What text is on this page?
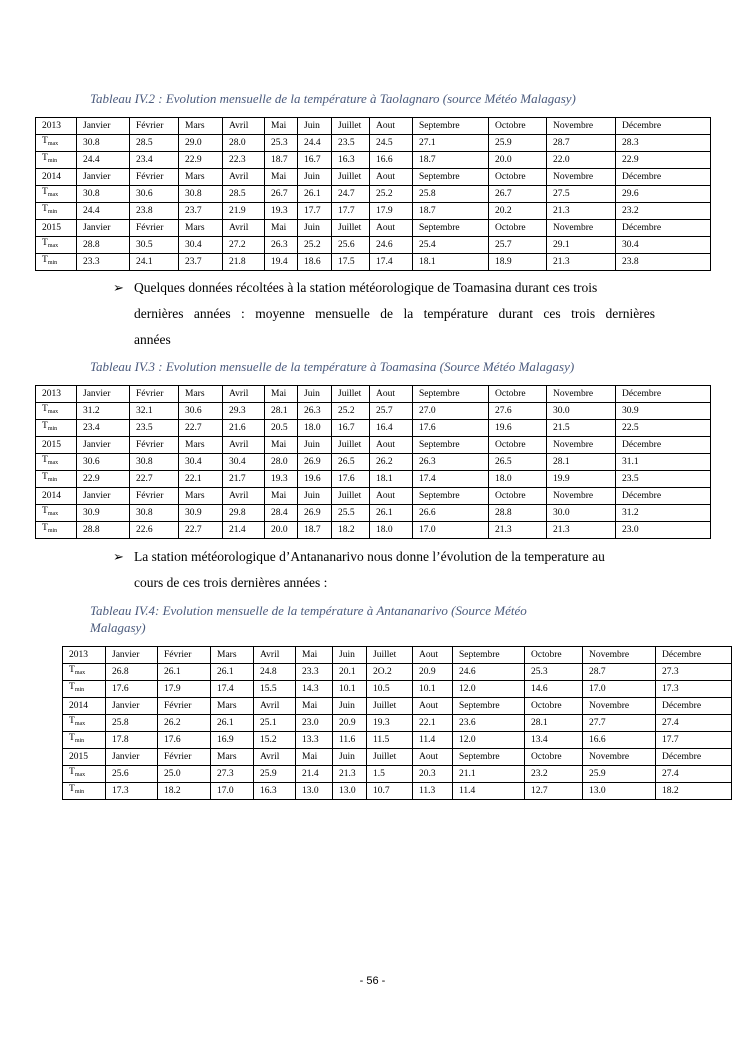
Tableau IV.2 : Evolution mensuelle de la température à Taolagnaro (source Météo Malagasy)
2013	Janvier	Février	Mars	Avril	Mai	Juin	Juillet	Aout	Septembre	Octobre	Novembre	Décembre
$T_{max}$	30.8	28.5	29.0	28.0	25.3	24.4	23.5	24.5	27.1	25.9	28.7	28.3
$T_{min}$	24.4	23.4	22.9	22.3	18.7	16.7	16.3	16.6	18.7	20.0	22.0	22.9
2014	Janvier	Février	Mars	Avril	Mai	Juin	Juillet	Aout	Septembre	Octobre	Novembre	Décembre
$T_{max}$	30.8	30.6	30.8	28.5	26.7	26.1	24.7	25.2	25.8	26.7	27.5	29.6
$T_{min}$	24.4	23.8	23.7	21.9	19.3	17.7	17.7	17.9	18.7	20.2	21.3	23.2
2015	Janvier	Février	Mars	Avril	Mai	Juin	Juillet	Aout	Septembre	Octobre	Novembre	Décembre
$T_{max}$	28.8	30.5	30.4	27.2	26.3	25.2	25.6	24.6	25.4	25.7	29.1	30.4
$T_{min}$	23.3	24.1	23.7	21.8	19.4	18.6	17.5	17.4	18.1	18.9	21.3	23.8
➢ Quelques données récoltées à la station météorologique de Toamasina durant ces trois
dernières années : moyenne mensuelle de la température durant ces trois dernières
années
Tableau IV.3 : Evolution mensuelle de la température à Toamasina (Source Météo Malagasy)
2013	Janvier	Février	Mars	Avril	Mai	Juin	Juillet	Aout	Septembre	Octobre	Novembre	Décembre
$T_{max}$	31.2	32.1	30.6	29.3	28.1	26.3	25.2	25.7	27.0	27.6	30.0	30.9
$T_{min}$	23.4	23.5	22.7	21.6	20.5	18.0	16.7	16.4	17.6	19.6	21.5	22.5
2015	Janvier	Février	Mars	Avril	Mai	Juin	Juillet	Aout	Septembre	Octobre	Novembre	Décembre
$T_{max}$	30.6	30.8	30.4	30.4	28.0	26.9	26.5	26.2	26.3	26.5	28.1	31.1
$T_{min}$	22.9	22.7	22.1	21.7	19.3	19.6	17.6	18.1	17.4	18.0	19.9	23.5
2014	Janvier	Février	Mars	Avril	Mai	Juin	Juillet	Aout	Septembre	Octobre	Novembre	Décembre
$T_{max}$	30.9	30.8	30.9	29.8	28.4	26.9	25.5	26.1	26.6	28.8	30.0	31.2
$T_{min}$	28.8	22.6	22.7	21.4	20.0	18.7	18.2	18.0	17.0	21.3	21.3	23.0
➢ La station météorologique d’Antananarivo nous donne l’évolution de la temperature au
cours de ces trois dernières années :
Tableau IV.4: Evolution mensuelle de la température à Antananarivo (Source Météo Malagasy)
2013	Janvier	Février	Mars	Avril	Mai	Juin	Juillet	Aout	Septembre	Octobre	Novembre	Décembre
$T_{max}$	26.8	26.1	26.1	24.8	23.3	20.1	2O.2	20.9	24.6	25.3	28.7	27.3
$T_{min}$	17.6	17.9	17.4	15.5	14.3	10.1	10.5	10.1	12.0	14.6	17.0	17.3
2014	Janvier	Février	Mars	Avril	Mai	Juin	Juillet	Aout	Septembre	Octobre	Novembre	Décembre
$T_{max}$	25.8	26.2	26.1	25.1	23.0	20.9	19.3	22.1	23.6	28.1	27.7	27.4
$T_{min}$	17.8	17.6	16.9	15.2	13.3	11.6	11.5	11.4	12.0	13.4	16.6	17.7
2015	Janvier	Février	Mars	Avril	Mai	Juin	Juillet	Aout	Septembre	Octobre	Novembre	Décembre
$T_{max}$	25.6	25.0	27.3	25.9	21.4	21.3	1.5	20.3	21.1	23.2	25.9	27.4
$T_{min}$	17.3	18.2	17.0	16.3	13.0	13.0	10.7	11.3	11.4	12.7	13.0	18.2
- 56 -
